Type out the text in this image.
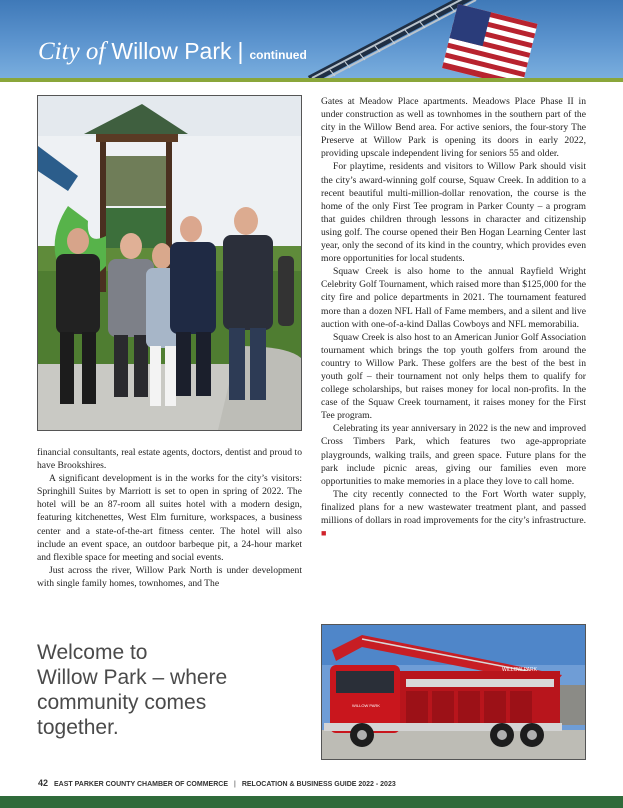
City of Willow Park | continued

financial consultants, real estate agents, doctors, dentist and proud to have Brookshires.

A significant development is in the works for the city’s visitors: Springhill Suites by Marriott is set to open in spring of 2022. The hotel will be an 87-room all suites hotel with a modern design, featuring kitchenettes, West Elm furniture, workspaces, a business center and a state-of-the-art fitness center. The hotel will also include an event space, an outdoor barbeque pit, a 24-hour market and flexible space for meeting and social events.

Just across the river, Willow Park North is under development with single family homes, townhomes, and The

Gates at Meadow Place apartments. Meadows Place Phase II in under construction as well as townhomes in the southern part of the city in the Willow Bend area. For active seniors, the four-story The Preserve at Willow Park is opening its doors in early 2022, providing upscale independent living for seniors 55 and older.

For playtime, residents and visitors to Willow Park should visit the city’s award-winning golf course, Squaw Creek. In addition to a recent beautiful multi-million-dollar renovation, the course is the home of the only First Tee program in Parker County – a program that guides children through lessons in character and citizenship using golf. The course opened their Ben Hogan Learning Center last year, only the second of its kind in the country, which provides even more opportunities for local students.

Squaw Creek is also home to the annual Rayfield Wright Celebrity Golf Tournament, which raised more than $125,000 for the city fire and police departments in 2021. The tournament featured more than a dozen NFL Hall of Fame members, and a silent and live auction with one-of-a-kind Dallas Cowboys and NFL memorabilia.

Squaw Creek is also host to an American Junior Golf Association tournament which brings the top youth golfers from around the country to Willow Park. These golfers are the best of the best in youth golf – their tournament not only helps them to qualify for college scholarships, but raises money for local non-profits. In the case of the Squaw Creek tournament, it raises money for the First Tee program.

Celebrating its year anniversary in 2022 is the new and improved Cross Timbers Park, which features two age-appropriate playgrounds, walking trails, and green space. Future plans for the park include picnic areas, giving our families even more opportunities to make memories in a place they love to call home.

The city recently connected to the Fort Worth water supply, finalized plans for a new wastewater treatment plant, and passed millions of dollars in road improvements for the city’s infrastructure. ■

Welcome to
Willow Park – where
community comes
together.
WILLOW PARK
WILLOW PARK
42 EAST PARKER COUNTY CHAMBER OF COMMERCE | RELOCATION & BUSINESS GUIDE 2022 - 2023
